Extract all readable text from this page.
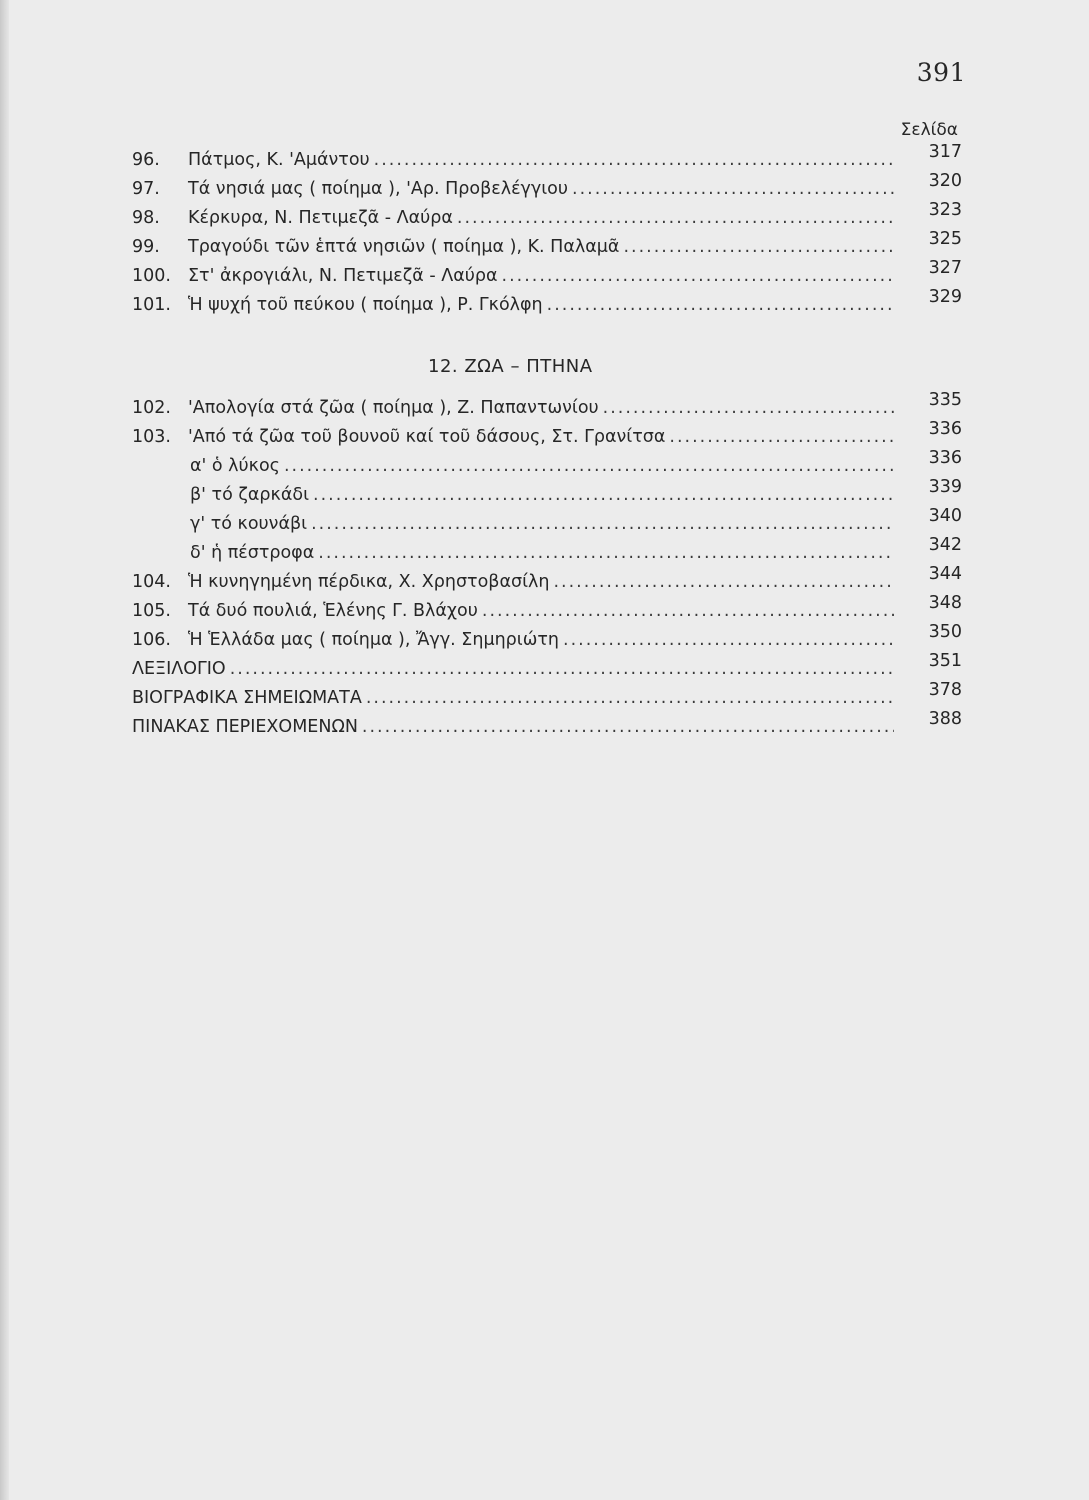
391
Σελίδα
96.	Πάτμος, Κ. 'Αμάντου .....	317
97.	Τά νησιά μας ( ποίημα ), 'Αρ. Προβελέγγιου .....	320
98.	Κέρκυρα, Ν. Πετιμεζᾶ - Λαύρα .....	323
99.	Τραγούδι τῶν ἑπτά νησιῶν ( ποίημα ), Κ. Παλαμᾶ .....	325
100. Στ' ἀκρογιάλι, Ν. Πετιμεζᾶ - Λαύρα .....	327
101. Ἡ ψυχή τοῦ πεύκου ( ποίημα ), Ρ. Γκόλφη .....	329
102. 'Απολογία στά ζῶα ( ποίημα ), Ζ. Παπαντωνίου .....	335
103. 'Από τά ζῶα τοῦ βουνοῦ καί τοῦ δάσους, Στ. Γρανίτσα .....	336
α' ὁ λύκος .....	336
β' τό ζαρκάδι .....	339
γ' τό κουνάβι .....	340
δ' ἡ πέστροφα .....	342
104. Ἡ κυνηγημένη πέρδικα, Χ. Χρηστοβασίλη .....	344
105. Τά δυό πουλιά, Ἑλένης Γ. Βλάχου .....	348
106. Ἡ Ἑλλάδα μας ( ποίημα ), Ἄγγ. Σημηριώτη .....	350
ΛΕΞΙΛΟΓΙΟ .....	351
ΒΙΟΓΡΑΦΙΚΑ ΣΗΜΕΙΩΜΑΤΑ .....	378
ΠΙΝΑΚΑΣ ΠΕΡΙΕΧΟΜΕΝΩΝ .....	388
12. ΖΩΑ – ΠΤΗΝΑ
